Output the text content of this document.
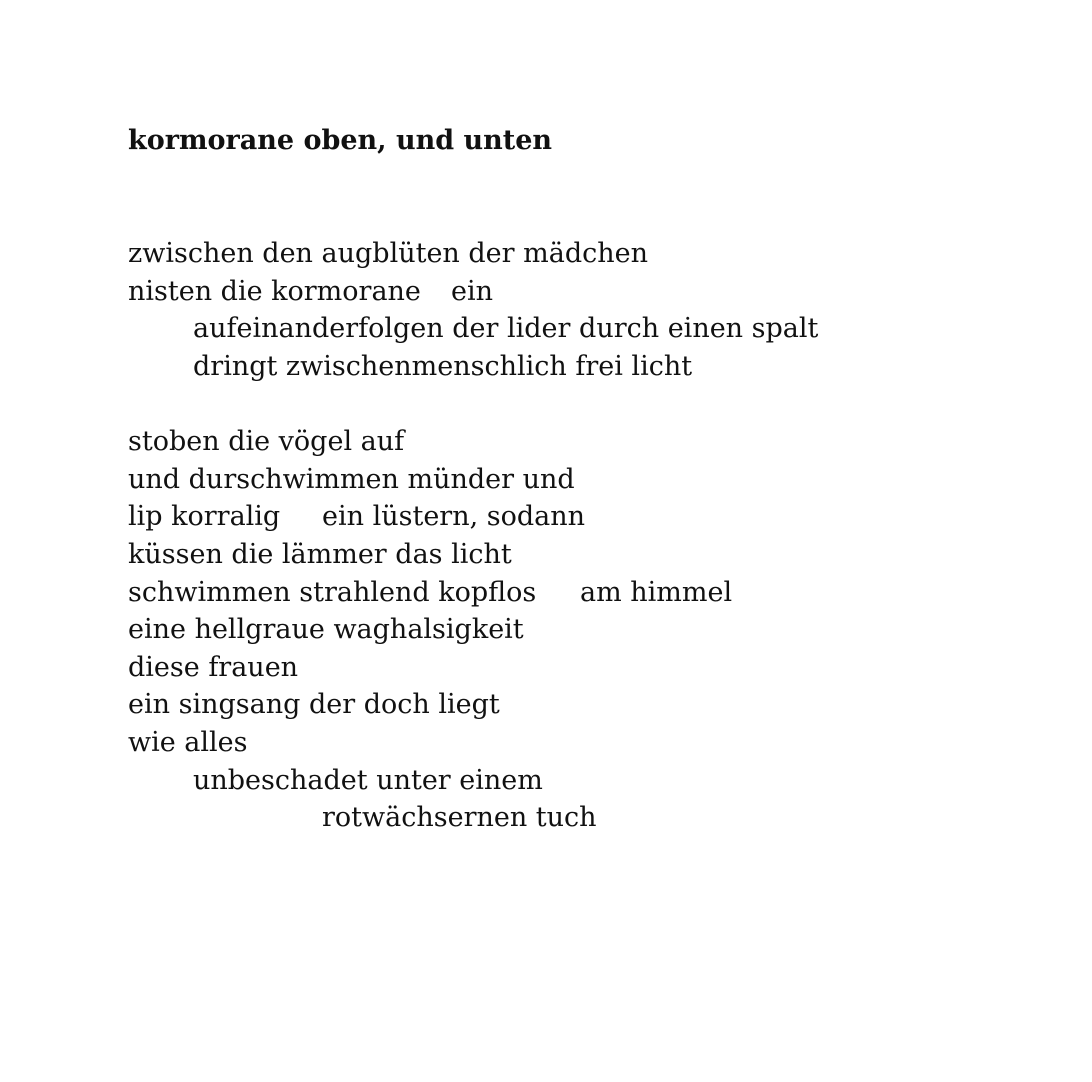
kormorane oben, und unten
zwischen den augblüten der mädchen
nisten die kormorane ein
aufeinanderfolgen der lider durch einen spalt
dringt zwischenmenschlich frei licht
stoben die vögel auf
und durschwimmen münder und
lip korralig ein lüstern, sodann
küssen die lämmer das licht
schwimmen strahlend kopflos am himmel
eine hellgraue waghalsigkeit
diese frauen
ein singsang der doch liegt
wie alles
unbeschadet unter einem
rotwächsernen tuch
